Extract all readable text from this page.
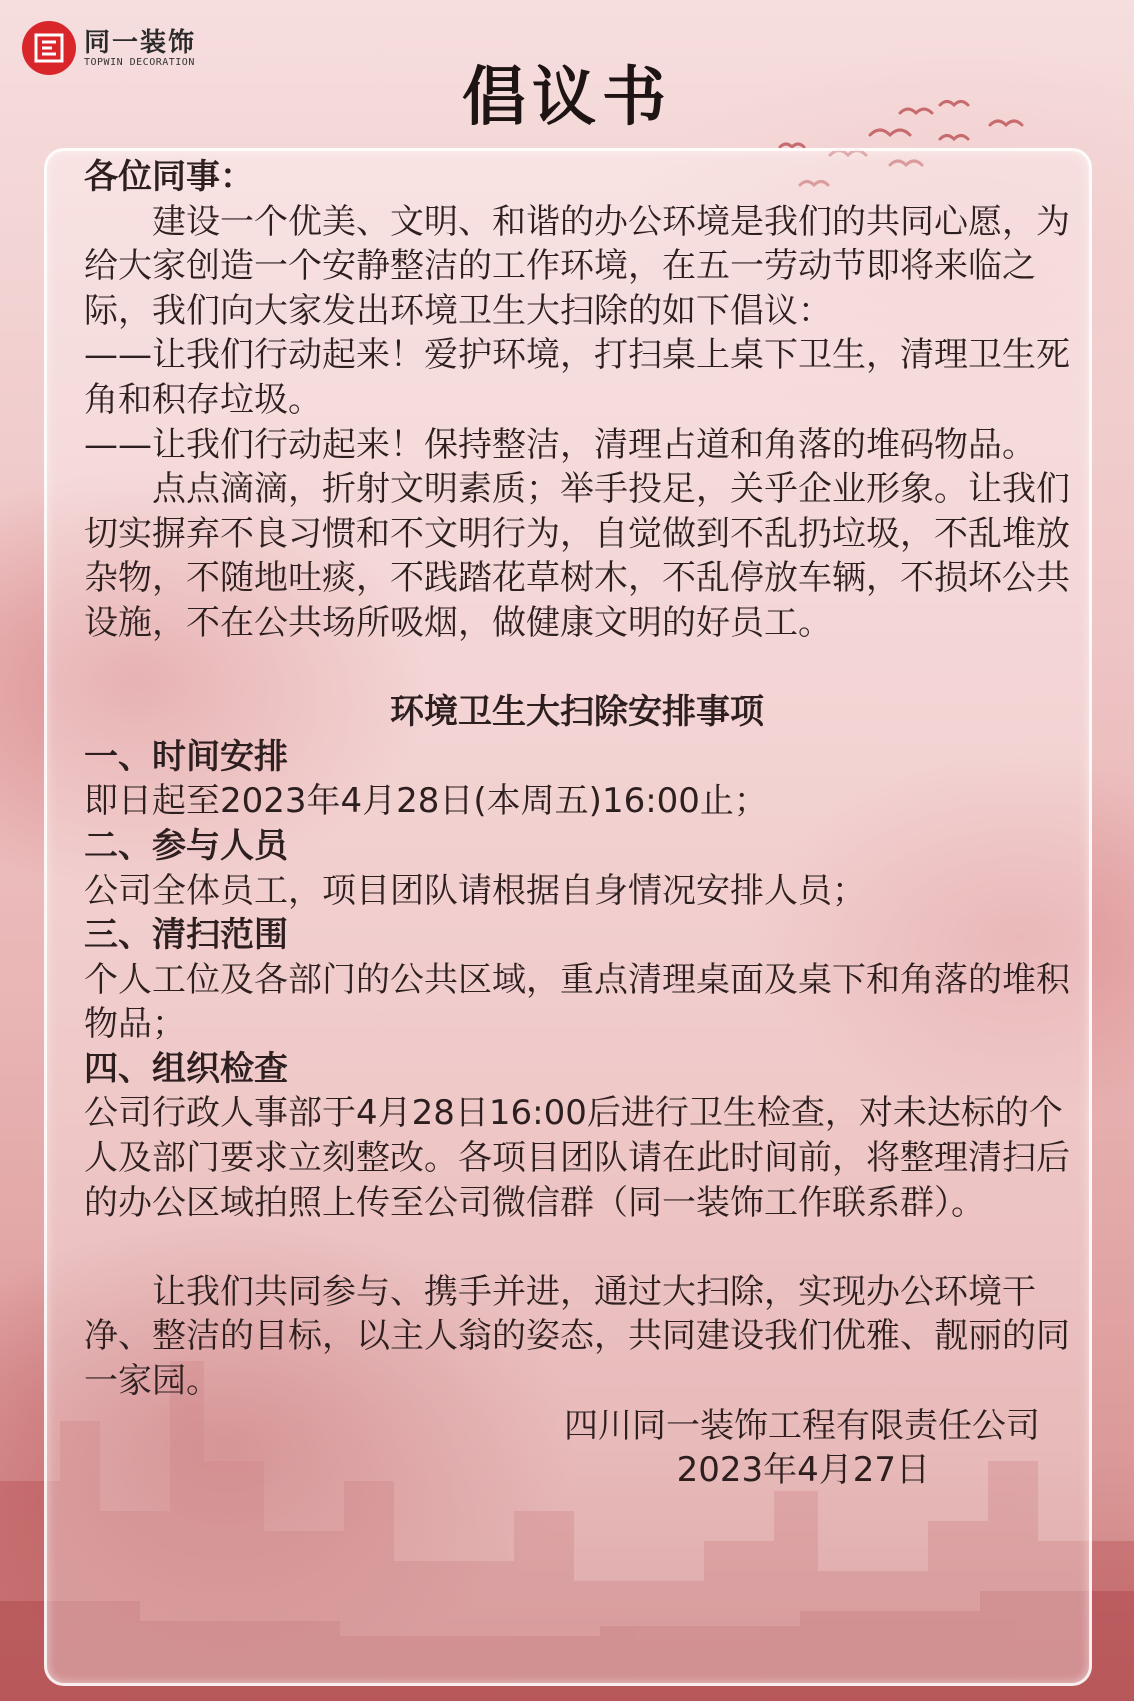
同一装饰
TOPWIN DECORATION	倡议书

各位同事：

建设一个优美、文明、和谐的办公环境是我们的共同心愿，为给大家创造一个安静整洁的工作环境，在五一劳动节即将来临之际，我们向大家发出环境卫生大扫除的如下倡议：

——让我们行动起来！爱护环境，打扫桌上桌下卫生，清理卫生死角和积存垃圾。

——让我们行动起来！保持整洁，清理占道和角落的堆码物品。

点点滴滴，折射文明素质；举手投足，关乎企业形象。让我们切实摒弃不良习惯和不文明行为，自觉做到不乱扔垃圾，不乱堆放杂物，不随地吐痰，不践踏花草树木，不乱停放车辆，不损坏公共设施，不在公共场所吸烟，做健康文明的好员工。

环境卫生大扫除安排事项

一、时间安排

即日起至2023年4月28日(本周五)16:00止；

二、参与人员

公司全体员工，项目团队请根据自身情况安排人员；

三、清扫范围

个人工位及各部门的公共区域，重点清理桌面及桌下和角落的堆积物品；

四、组织检查

公司行政人事部于4月28日16:00后进行卫生检查，对未达标的个人及部门要求立刻整改。各项目团队请在此时间前，将整理清扫后的办公区域拍照上传至公司微信群（同一装饰工作联系群）。

让我们共同参与、携手并进，通过大扫除，实现办公环境干净、整洁的目标，以主人翁的姿态，共同建设我们优雅、靓丽的同一家园。

四川同一装饰工程有限责任公司

2023年4月27日
